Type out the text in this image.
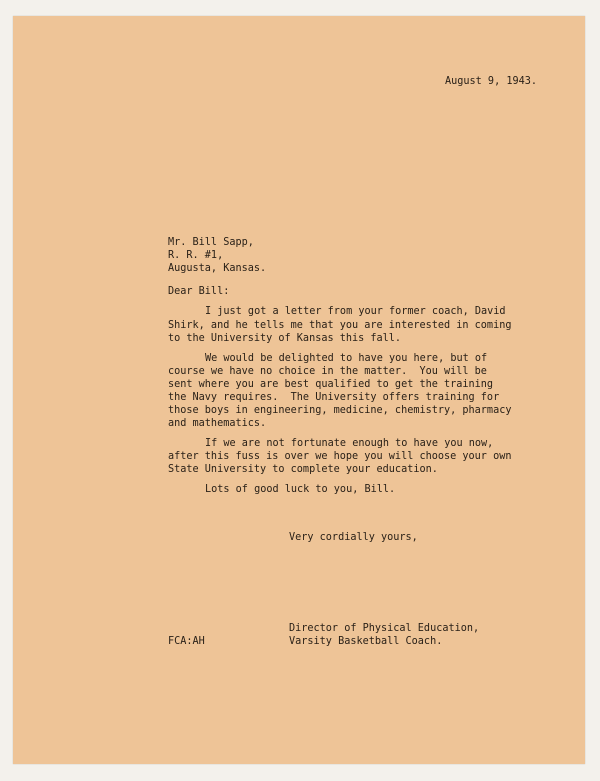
August 9, 1943.
Mr. Bill Sapp,
R. R. #1,
Augusta, Kansas.
Dear Bill:
I just got a letter from your former coach, David
Shirk, and he tells me that you are interested in coming
to the University of Kansas this fall.
We would be delighted to have you here, but of
course we have no choice in the matter.  You will be
sent where you are best qualified to get the training
the Navy requires.  The University offers training for
those boys in engineering, medicine, chemistry, pharmacy
and mathematics.
If we are not fortunate enough to have you now,
after this fuss is over we hope you will choose your own
State University to complete your education.
Lots of good luck to you, Bill.
Very cordially yours,
Director of Physical Education,
Varsity Basketball Coach.
FCA:AH
